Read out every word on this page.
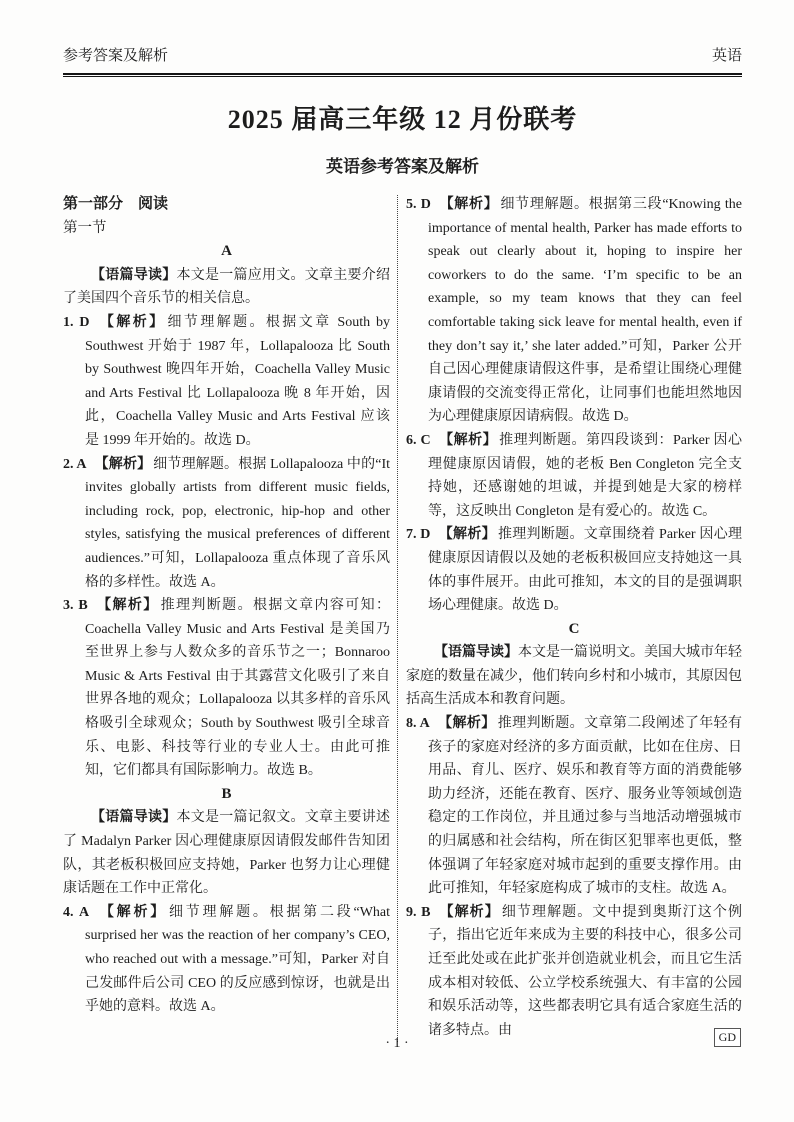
参考答案及解析	英语
2025 届高三年级 12 月份联考
英语参考答案及解析
第一部分　阅读
第一节
A

【语篇导读】本文是一篇应用文。文章主要介绍了美国四个音乐节的相关信息。

1. D 【解析】 细节理解题。根据文章 South by Southwest 开始于 1987 年，Lollapalooza 比 South by Southwest 晚四年开始，Coachella Valley Music and Arts Festival 比 Lollapalooza 晚 8 年开始，因此，Coachella Valley Music and Arts Festival 应该是 1999 年开始的。故选 D。
2. A 【解析】 细节理解题。根据 Lollapalooza 中的“It invites globally artists from different music fields, including rock, pop, electronic, hip-hop and other styles, satisfying the musical preferences of different audiences.”可知，Lollapalooza 重点体现了音乐风格的多样性。故选 A。
3. B 【解析】 推理判断题。根据文章内容可知：Coachella Valley Music and Arts Festival 是美国乃至世界上参与人数众多的音乐节之一；Bonnaroo Music & Arts Festival 由于其露营文化吸引了来自世界各地的观众；Lollapalooza 以其多样的音乐风格吸引全球观众；South by Southwest 吸引全球音乐、电影、科技等行业的专业人士。由此可推知，它们都具有国际影响力。故选 B。
B

【语篇导读】本文是一篇记叙文。文章主要讲述了 Madalyn Parker 因心理健康原因请假发邮件告知团队，其老板积极回应支持她，Parker 也努力让心理健康话题在工作中正常化。

4. A 【解析】 细节理解题。根据第二段“What surprised her was the reaction of her company’s CEO, who reached out with a message.”可知，Parker 对自己发邮件后公司 CEO 的反应感到惊讶，也就是出乎她的意料。故选 A。
5. D 【解析】 细节理解题。根据第三段“Knowing the importance of mental health, Parker has made efforts to speak out clearly about it, hoping to inspire her coworkers to do the same. ‘I’m specific to be an example, so my team knows that they can feel comfortable taking sick leave for mental health, even if they don’t say it,’ she later added.”可知，Parker 公开自己因心理健康请假这件事，是希望让围绕心理健康请假的交流变得正常化，让同事们也能坦然地因为心理健康原因请病假。故选 D。
6. C 【解析】 推理判断题。第四段谈到：Parker 因心理健康原因请假，她的老板 Ben Congleton 完全支持她，还感谢她的坦诚，并提到她是大家的榜样等，这反映出 Congleton 是有爱心的。故选 C。
7. D 【解析】 推理判断题。文章围绕着 Parker 因心理健康原因请假以及她的老板积极回应支持她这一具体的事件展开。由此可推知，本文的目的是强调职场心理健康。故选 D。
C

【语篇导读】本文是一篇说明文。美国大城市年轻家庭的数量在减少，他们转向乡村和小城市，其原因包括高生活成本和教育问题。

8. A 【解析】 推理判断题。文章第二段阐述了年轻有孩子的家庭对经济的多方面贡献，比如在住房、日用品、育儿、医疗、娱乐和教育等方面的消费能够助力经济，还能在教育、医疗、服务业等领域创造稳定的工作岗位，并且通过参与当地活动增强城市的归属感和社会结构，所在街区犯罪率也更低，整体强调了年轻家庭对城市起到的重要支撑作用。由此可推知，年轻家庭构成了城市的支柱。故选 A。
9. B 【解析】 细节理解题。文中提到奥斯汀这个例子，指出它近年来成为主要的科技中心，很多公司迁至此处或在此扩张并创造就业机会，而且它生活成本相对较低、公立学校系统强大、有丰富的公园和娱乐活动等，这些都表明它具有适合家庭生活的诸多特点。由
· 1 ·	GD
